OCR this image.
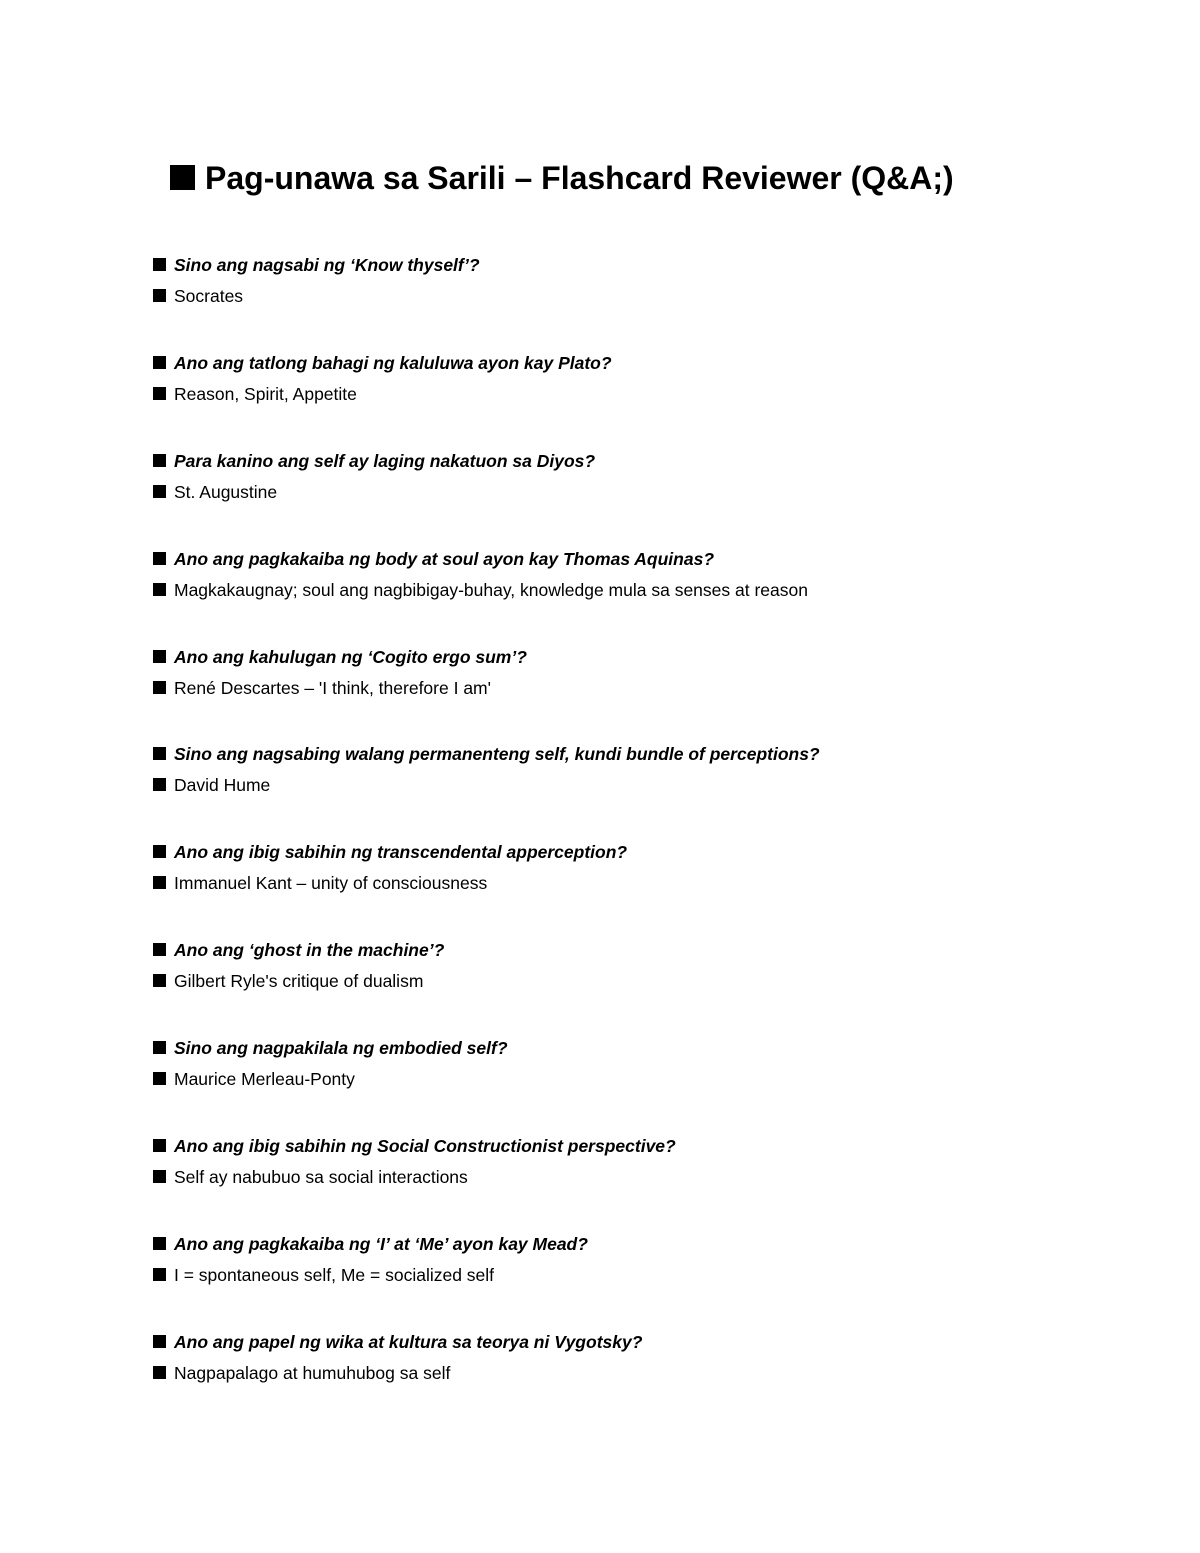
Pag-unawa sa Sarili – Flashcard Reviewer (Q&A;)
Sino ang nagsabi ng ‘Know thyself’?
Socrates
Ano ang tatlong bahagi ng kaluluwa ayon kay Plato?
Reason, Spirit, Appetite
Para kanino ang self ay laging nakatuon sa Diyos?
St. Augustine
Ano ang pagkakaiba ng body at soul ayon kay Thomas Aquinas?
Magkakaugnay; soul ang nagbibigay-buhay, knowledge mula sa senses at reason
Ano ang kahulugan ng ‘Cogito ergo sum’?
René Descartes – 'I think, therefore I am'
Sino ang nagsabing walang permanenteng self, kundi bundle of perceptions?
David Hume
Ano ang ibig sabihin ng transcendental apperception?
Immanuel Kant – unity of consciousness
Ano ang ‘ghost in the machine’?
Gilbert Ryle's critique of dualism
Sino ang nagpakilala ng embodied self?
Maurice Merleau-Ponty
Ano ang ibig sabihin ng Social Constructionist perspective?
Self ay nabubuo sa social interactions
Ano ang pagkakaiba ng ‘I’ at ‘Me’ ayon kay Mead?
I = spontaneous self, Me = socialized self
Ano ang papel ng wika at kultura sa teorya ni Vygotsky?
Nagpapalago at humuhubog sa self
